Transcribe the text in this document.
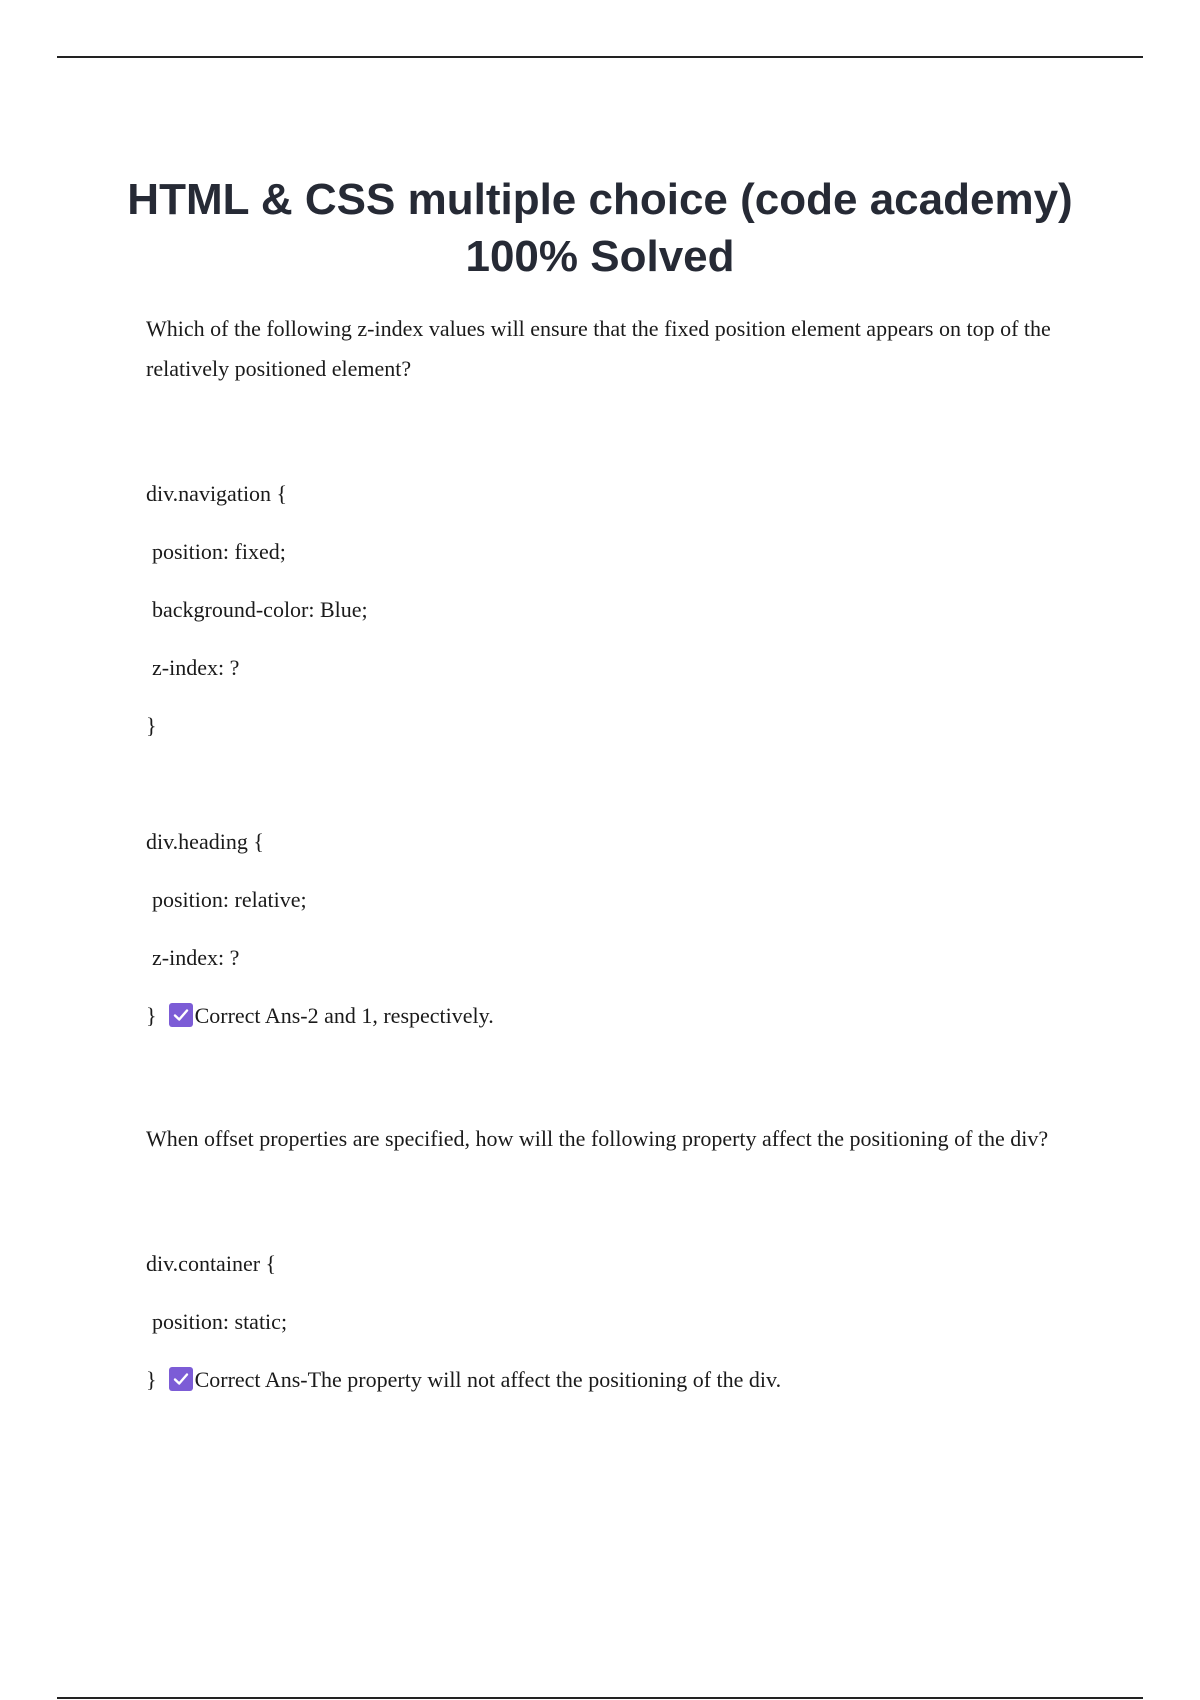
HTML & CSS multiple choice (code academy) 100% Solved

Which of the following z-index values will ensure that the fixed position element appears on top of the relatively positioned element?

div.navigation {
position: fixed;
background-color: Blue;
z-index: ?
}
div.heading {
position: relative;
z-index: ?
} Correct Ans-2 and 1, respectively.

When offset properties are specified, how will the following property affect the positioning of the div?

div.container {
position: static;
} Correct Ans-The property will not affect the positioning of the div.
